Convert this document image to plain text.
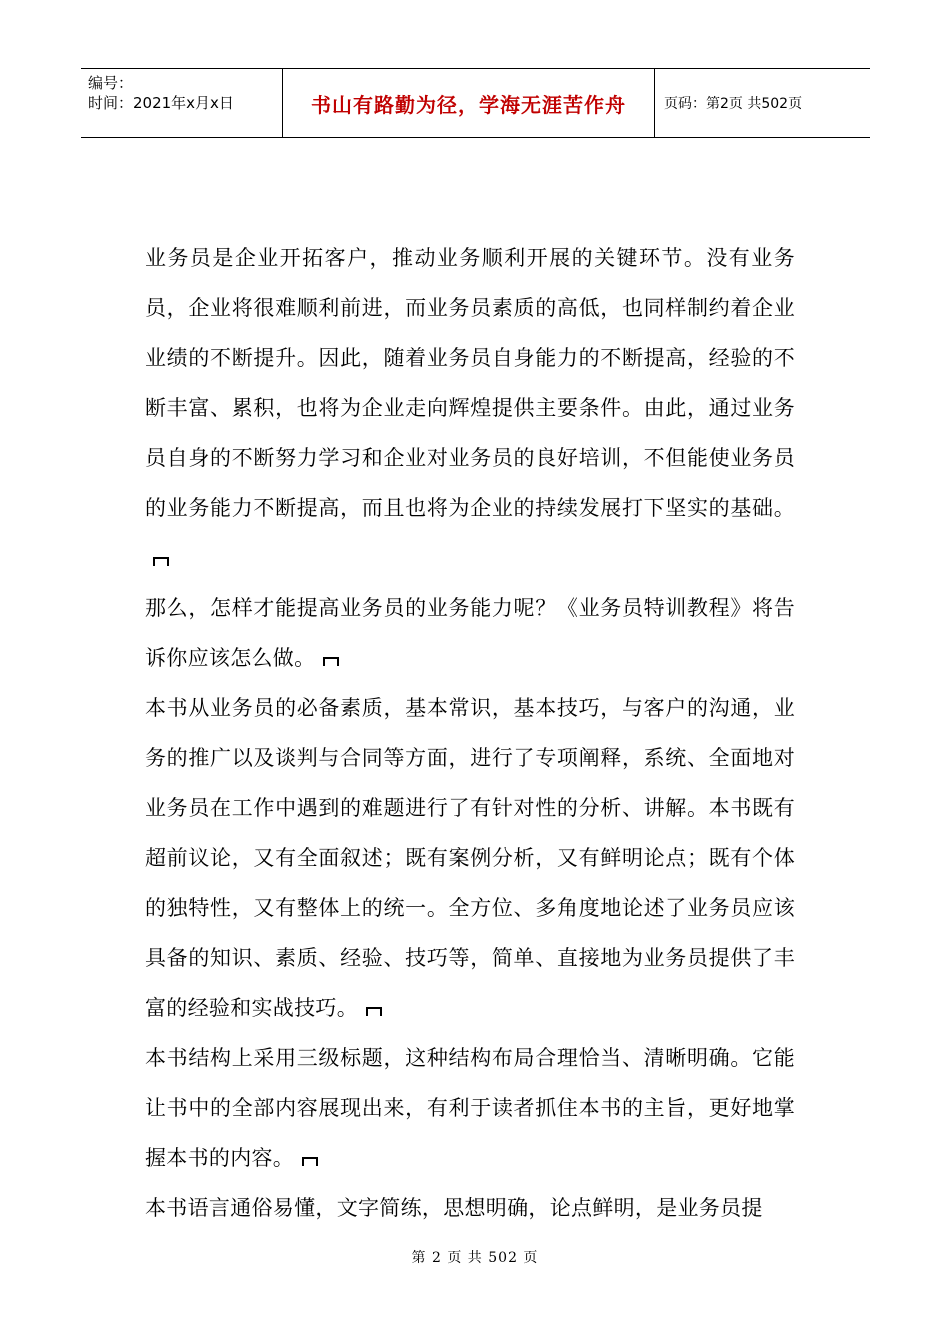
编号：
时间：2021年x月x日	书山有路勤为径，学海无涯苦作舟	页码：第2页 共502页

业务员是企业开拓客户，推动业务顺利开展的关键环节。没有业务员，企业将很难顺利前进，而业务员素质的高低，也同样制约着企业业绩的不断提升。因此，随着业务员自身能力的不断提高，经验的不断丰富、累积，也将为企业走向辉煌提供主要条件。由此，通过业务员自身的不断努力学习和企业对业务员的良好培训，不但能使业务员的业务能力不断提高，而且也将为企业的持续发展打下坚实的基础。

那么，怎样才能提高业务员的业务能力呢？《业务员特训教程》将告诉你应该怎么做。

本书从业务员的必备素质，基本常识，基本技巧，与客户的沟通，业务的推广以及谈判与合同等方面，进行了专项阐释，系统、全面地对业务员在工作中遇到的难题进行了有针对性的分析、讲解。本书既有超前议论，又有全面叙述；既有案例分析，又有鲜明论点；既有个体的独特性，又有整体上的统一。全方位、多角度地论述了业务员应该具备的知识、素质、经验、技巧等，简单、直接地为业务员提供了丰富的经验和实战技巧。

本书结构上采用三级标题，这种结构布局合理恰当、清晰明确。它能让书中的全部内容展现出来，有利于读者抓住本书的主旨，更好地掌握本书的内容。

本书语言通俗易懂，文字简练，思想明确，论点鲜明，是业务员提

第 2 页 共 502 页
